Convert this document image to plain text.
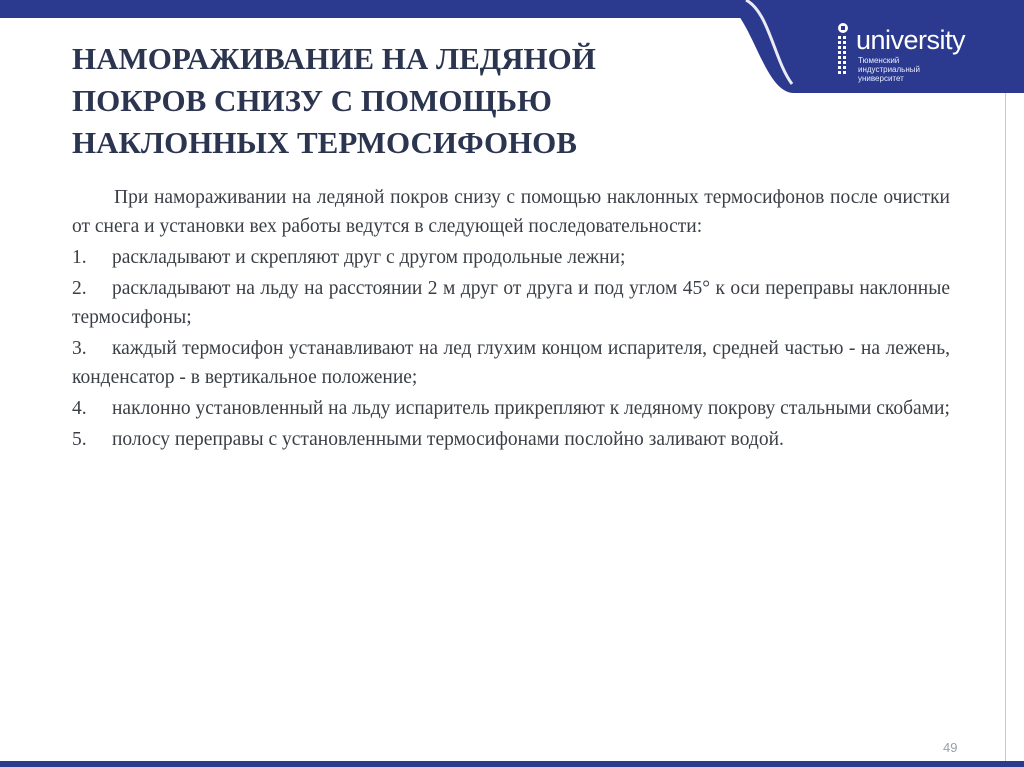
university
Тюменский
индустриальный
университет
НАМОРАЖИВАНИЕ НА ЛЕДЯНОЙ
ПОКРОВ СНИЗУ С ПОМОЩЬЮ
НАКЛОННЫХ ТЕРМОСИФОНОВ

При намораживании на ледяной покров снизу с помощью наклонных термосифонов после очистки от снега и установки вех работы ведутся в следующей последовательности:

1. раскладывают и скрепляют друг с другом продольные лежни;

2. раскладывают на льду на расстоянии 2 м друг от друга и под углом 45° к оси переправы наклонные термосифоны;

3. каждый термосифон устанавливают на лед глухим концом испарителя, средней частью - на лежень, конденсатор - в вертикальное положение;

4. наклонно установленный на льду испаритель прикрепляют к ледяному покрову стальными скобами;

5. полосу переправы с установленными термосифонами послойно заливают водой.

49
